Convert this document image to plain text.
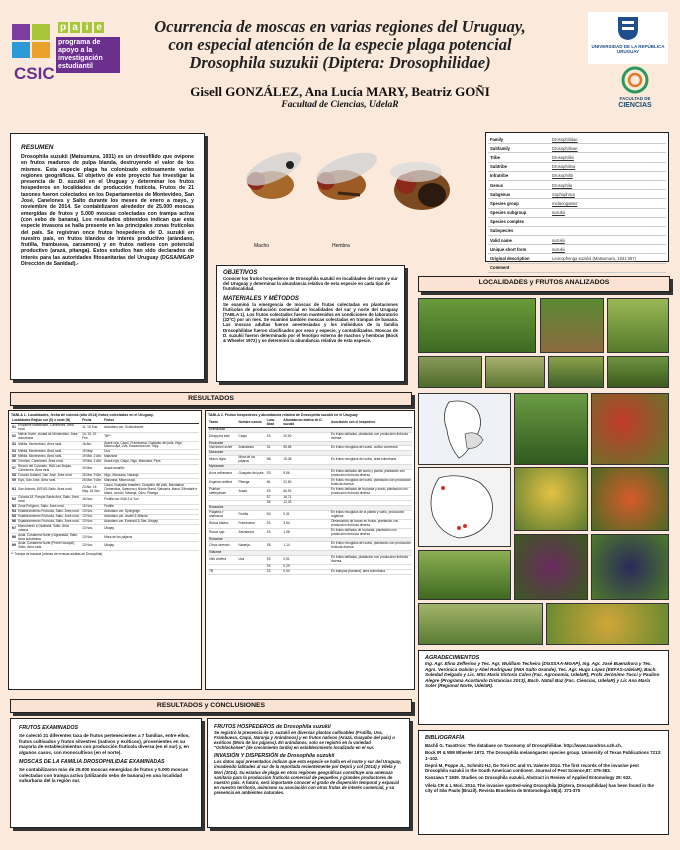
CSIC
p a i e
programa de
apoyo a la
investigación
estudiantil
Ocurrencia de moscas en varias regiones del Uruguay,
con especial atención de la especie plaga potencial
Drosophila suzukii (Diptera: Drosophilidae)
Gisell GONZÁLEZ, Ana Lucía MARY, Beatriz GOÑI
Facultad de Ciencias, UdelaR
UNIVERSIDAD DE LA REPÚBLICA URUGUAY
FACULTAD DE
CIENCIAS
RESUMEN

Drosophila suzukii (Matsumura, 1931) es un drosofílido que ovipone en frutos maduros de pulpa blanda, destruyendo el valor de los mismos. Esta especie plaga ha colonizado exitosamente varias regiones geográficas. El objetivo de este proyecto fue investigar la presencia de D. suzukii en el Uruguay y determinar los frutos hospederos en localidades de producción frutícola. Frutos de 21 taxones fueron colectados en los Departamentos de Montevideo, San José, Canelones y Salto durante los meses de enero a mayo, y noviembre de 2014. Se contabilizaron alrededor de 25.000 moscas emergidas de frutos y 5.000 moscas colectadas con trampa activa (con sebo de banana). Los resultados obtenidos indican que esta especie invasora se halla presente en las principales zonas frutícolas del país. Se registran once frutos hospederos de D. suzukii en nuestro país, en frutos blandos de interés productivo (arándano, frutilla, frambuesa, zarzamora) y en frutos nativos con potencial productivo (arazá, pitanga). Estos estudios han sido declarados de interés para las autoridades fitosanitarias del Uruguay (DGSA/MGAP Dirección de Sanidad).-

Macho	Hembra
Family	Drosophilidae
Subfamily	Drosophilinae
Tribe	Drosophilini
Subtribe	Drosophilina
Infratribe	Drosophiliti
Genus	Drosophila
Subgenus	Sophophora
Species group	melanogaster
Species subgroup	suzukii
Species complex	
Subspecies	
Valid name	suzukii
Unique short form	suzukii
Original description	Leucophenga suzukii (Matsumura, 1931:367)
Comment	
OBJETIVOS

Conocer los frutos hospederos de Drosophila suzukii en localidades del norte y sur del Uruguay y determinar la abundancia relativa de esta especie en cada tipo de fruto/localidad.

MATERIALES Y MÉTODOS

Se examinó la emergencia de moscas de frutas colectadas en plantaciones frutícolas de producción comercial en localidades del sur y norte del Uruguay (TABLA 1). Los frutos colectados fueron mantenidos en condiciones de laboratorio (22ºC) por un mes. Se examinó también moscas colectadas en trampas de banana. Las moscas adultas fueron anestesiadas y los individuos de la familia Drosophilidae fueron clasificados por sexo y especie, y contabilizados. Moscas de D. suzukii fueron determinado por el fenotipo externo de machos y hembras (Bock & Wheeler 1972) y se determinó la abundancia relativa de esta especie.

LOCALIDADES y FRUTOS ANALIZADOS
RESULTADOS
TABLA 1. Localidades, fecha de colecta (año 2014) frutos colectados en el Uruguay.
Localidades Región sur (S) o norte (N)		Fecha	Frutos
S1	Empalme Maldonado, Canelones. Área rural.	11, 15 Ene.	Arándano var. Ochlockonee
S2	Melvin Norte, ciudad de Montevideo. Área suburbana	14, 15, 19 Feb.	TB**
S3	Melilla, Montevideo. Área rural.	18 Abr.	Arazá roja, Caqui, Frambuesa, Guayabo del país, Higo, Mburucuyá, Uva, Zarzamora var. Tupy
S4	Melilla, Montevideo. Área rural.	19 May.	Uva
S5	Melilla, Montevideo. Área rural.	19 Mar. 2 Abr.	Manzana
S6	Cerrillos, Canelones. Área rural.	19 Mar. 2 Abr.	Arazá roja, Caqui, Higo, Manzana, Pera
S7	Rincón del Colorado, INIA Las Brujas, Canelones. Área rural.	19 Mar.	Arazá amarillo
S8	Colonia Galland, San José. Área rural.	26 Mar. 9 Abr.	Higo, Manzana, Naranja
S9	Kiyú, San José. Área rural.	25 Mar. 9 Abr.	Manzana, Mburucuyá
N1	San Antonio, EEFAS-Salto. Área rural.	23 Abr. 16 May. 16 Nov.	Caqui, Guayabo brasilero, Guayabo del país, Mandarina Clementina, Satsuma y Nicole Mand. Satsuma, Mand. Ellendale e Mand. común, Naranja, Olivo, Pitanga
N2	Colonia 18, Parque Santa Ana, Salto. Área rural.	16 Nov.	Frutilla var. INIA 3 & Yuri
N3	Zona Polígono, Salto. Área rural.	16 Nov.	Frutilla
N4	Establecimiento Frutícola, Salto. Área rural.	13 Nov.	Arándano var. Springhigh
N5	Establecimiento Frutícola, Salto. Área rural.	13 Nov.	Arándano var. Jewell & Misinia
N6	Establecimiento Frutícola, Salto. Área rural.	13 Nov.	Arándano var. Emerald & Star, Ubajay
N7	Monumento a Garibaldi, Salto. Área urbana.	13 Nov.	Ubajay
N8	Avda. Costanera Norte y Agraciada, Salto. Área suburbana	13 Nov.	Mora de los pájaros
N9	Avda. Costanera Norte (Primer bosque), Salto. Área rural.	13 Nov.	Ubajay
** Trampa de banana (colecta de moscas adultas de Drosophila).
TABLA 2. Frutos hospederos y abundancia relativa de Drosophila suzukii en el Uruguay
Taxón	Nombre común	Loca-lidad	Abundancia relativa de D. suzukii	Asociación con el hospedero
Ebenaceae				
Diospyros kaki	Caqui	S3	20,00	En frutos dañados, plantación con producción frutícola diversa
Ericaceae				
Vaccinium ashei	Arándanos	S1	95,65	En frutos recogidos del suelo, cultivo comercial
Moraceae				
Morus nigra	Mora de los pájaros	N8	15,38	En frutos recogidos del suelo, área suburbana
Myrtaceae				
Acca sellowiana	Guayabo del país	S3	5,56	En frutos dañados del suelo y planta, plantación con producción frutícola diversa
Eugenia uniflora	Pitanga	N1	22,50	En frutos recogidos del suelo, plantación con producción frutícola diversa
Psidium cattleyanum	Arazá	S3	66,92	En frutos dañados de la planta y suelo, plantación con producción frutícola diversa
		S7	16,71	
		S6	12,03	
Rosaceae				
Fragaria x ananassa	Frutilla	N3	0,31	En frutos recogidos de la planta y suelo, producción orgánica
Rubus idaeus	Frambuesa	S3	3,54	Observación de larvas en frutos, plantación con producción frutícola diversa
Rubus spp.	Zarzamora	S3	1,98	En frutos dañados de la planta, plantación con producción frutícola diversa
Rutaceae				
Citrus sinensis	Naranja	S8	1,14	En frutos recogidos del suelo, plantación con producción frutícola diversa
Vitaceae				
Vitis vinifera	Uva	S3	0,51	En frutos dañados, plantación con producción frutícola diversa
		S4	0,29	
TB		S2	0,50	En trampas (banana), área suburbana
AGRADECIMIENTOS

Ing. Agr. Elina Zefferino y Tec. Agr. Wuilliam Techeira (DGSSAA-MGAP), Ing. Agr. José Buenahora y Tec. Agrs. Verónica Galván y Abel Rodríguez (INIA Salto Grande), Tec. Agr. Hugo López (EEFAS-UdelaR), Bach. Soledad Delgado y Lic. MSc María Victoria Calvo (Fac. Agronomía, UdelaR), Profs Jerónimo Tucci y Paulino Alegre (Programa Acortando Distancias 2013), Bach. Natali Baz (Fac. Ciencias, UdelaR) y Lic Ana María Soler (Regional Norte, UdelaR).

RESULTADOS y CONCLUSIONES
FRUTOS EXAMINADOS

Se colectó 21 diferentes taxa de frutos pertenecientes a 7 familias, entre ellos, frutos cultivados y frutos silvestres (nativos y exóticos), provenientes en su mayoría de establecimientos con producción frutícola diversa (en el sur) y, en algunos casos, con monocultivos (en el norte).

MOSCAS DE LA FAMILIA DROSOPHILIDAE EXAMINADAS

Se contabilizaron más de 25.000 moscas emergidas de frutos y 5.000 moscas colectadas con trampa activa (utilizando sebo de banana) en una localidad suburbana del la región sur.

FRUTOS HOSPEDEROS de Drosophila suzukii

Se registró la presencia de D. suzukii en diversas plantas cultivables (Frutilla, Uva, Frambuesa, Caqui, Naranja y Arándanos) y en frutos nativos (Arazá, Guayabo del país) o exóticos (Mora de los pájaros). En arándanos, solo se registró en la variedad "Ochlockonee" (de crecimiento tardío) en establecimiento localizado en el sur.

INVASIÓN Y DISPERSIÓN de Drosophila suzukii

Los datos aquí presentados indican que esta especie se halla en el norte y sur del Uruguay, invadiendo latitudes al sur de la reportada recientemente por Deprá y col (2014) y Vilela y Mori (2014). Su estatus de plaga en otras regiones geográficas constituye una amenaza sanitaria para la producción frutícola comercial de pequeños y grandes productores de nuestro país. A futuro, será importante conocer el grado de dispersión temporal y espacial en nuestro territorio, asimismo su asociación con otras frutas de interés comercial, y su presencia en ambientes naturales.

BIBLIOGRAFÍA

Bächli G. TaxoDros: The database on Taxonomy of Drosophilidae. http://www.taxodros.uzh.ch.

Bock IR & WM Wheeler 1972. The Drosophila melanogaster species group. University of Texas Publications 7213: 1–102.

Deprá M, Poppe JL, Schmitz HJ, De Toni DC and VL Valente 2014. The first records of the invasive pest Drosophila suzukii in the South American continent. Journal of Pest Science,87: 379-383.

Kanzawa T 1939. Studies on Drosophila suzukii. Abstract in Review of Applied Entomology 29: 622.

Vilela CR & L Mori. 2014. The invasive spotted-wing Drosophila (Diptera, Drosophilidae) has been found in the city of São Paulo (Brazil). Revista Brasileira de Entomologia 58(4): 371-375
